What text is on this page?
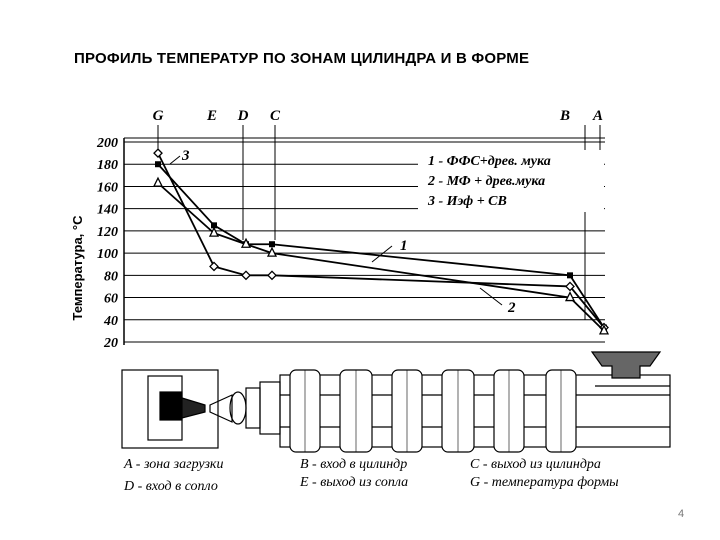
ПРОФИЛЬ ТЕМПЕРАТУР ПО ЗОНАМ ЦИЛИНДРА И В ФОРМЕ
200
180
160
140
120
100
80
60
40
20
Температура, °C
G	E D C	B A
1 - ФФС+древ. мука
2 - МФ + древ.мука
3 - Иэф + СВ
1
2
3
A - зона загрузки
D - вход в сопло
B - вход в цилиндр
E - выход из сопла
C - выход из цилиндра
G - температура формы
4
